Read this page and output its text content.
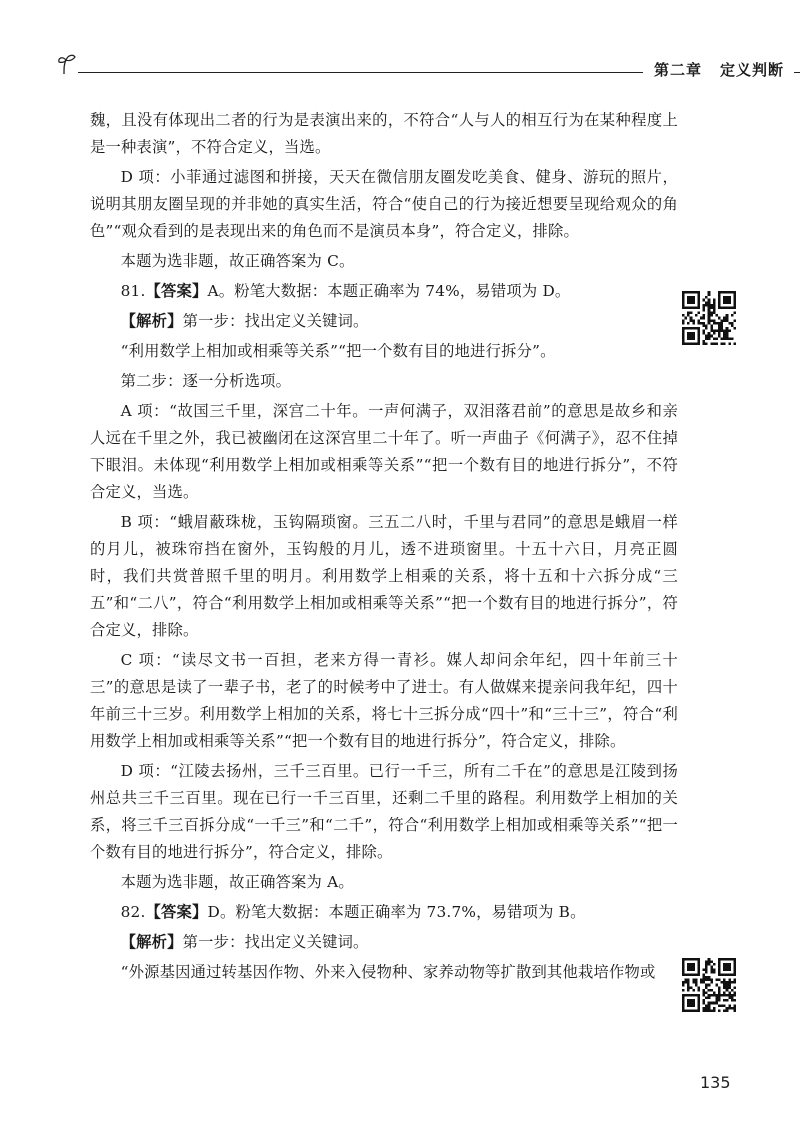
第二章 定义判断

魏，且没有体现出二者的行为是表演出来的，不符合“人与人的相互行为在某种程度上是一种表演”，不符合定义，当选。

D 项：小菲通过滤图和拼接，天天在微信朋友圈发吃美食、健身、游玩的照片，说明其朋友圈呈现的并非她的真实生活，符合“使自己的行为接近想要呈现给观众的角色”“观众看到的是表现出来的角色而不是演员本身”，符合定义，排除。

本题为选非题，故正确答案为 C。

81.【答案】A。粉笔大数据：本题正确率为 74%，易错项为 D。

【解析】第一步：找出定义关键词。

“利用数学上相加或相乘等关系”“把一个数有目的地进行拆分”。

第二步：逐一分析选项。

A 项：“故国三千里，深宫二十年。一声何满子，双泪落君前”的意思是故乡和亲人远在千里之外，我已被幽闭在这深宫里二十年了。听一声曲子《何满子》，忍不住掉下眼泪。未体现“利用数学上相加或相乘等关系”“把一个数有目的地进行拆分”，不符合定义，当选。

B 项：“蛾眉蔽珠栊，玉钩隔琐窗。三五二八时，千里与君同”的意思是蛾眉一样的月儿，被珠帘挡在窗外，玉钩般的月儿，透不进琐窗里。十五十六日，月亮正圆时，我们共赏普照千里的明月。利用数学上相乘的关系，将十五和十六拆分成“三五”和“二八”，符合“利用数学上相加或相乘等关系”“把一个数有目的地进行拆分”，符合定义，排除。

C 项：“读尽文书一百担，老来方得一青衫。媒人却问余年纪，四十年前三十三”的意思是读了一辈子书，老了的时候考中了进士。有人做媒来提亲问我年纪，四十年前三十三岁。利用数学上相加的关系，将七十三拆分成“四十”和“三十三”，符合“利用数学上相加或相乘等关系”“把一个数有目的地进行拆分”，符合定义，排除。

D 项：“江陵去扬州，三千三百里。已行一千三，所有二千在”的意思是江陵到扬州总共三千三百里。现在已行一千三百里，还剩二千里的路程。利用数学上相加的关系，将三千三百拆分成“一千三”和“二千”，符合“利用数学上相加或相乘等关系”“把一个数有目的地进行拆分”，符合定义，排除。

本题为选非题，故正确答案为 A。

82.【答案】D。粉笔大数据：本题正确率为 73.7%，易错项为 B。

【解析】第一步：找出定义关键词。

“外源基因通过转基因作物、外来入侵物种、家养动物等扩散到其他栽培作物或

135
